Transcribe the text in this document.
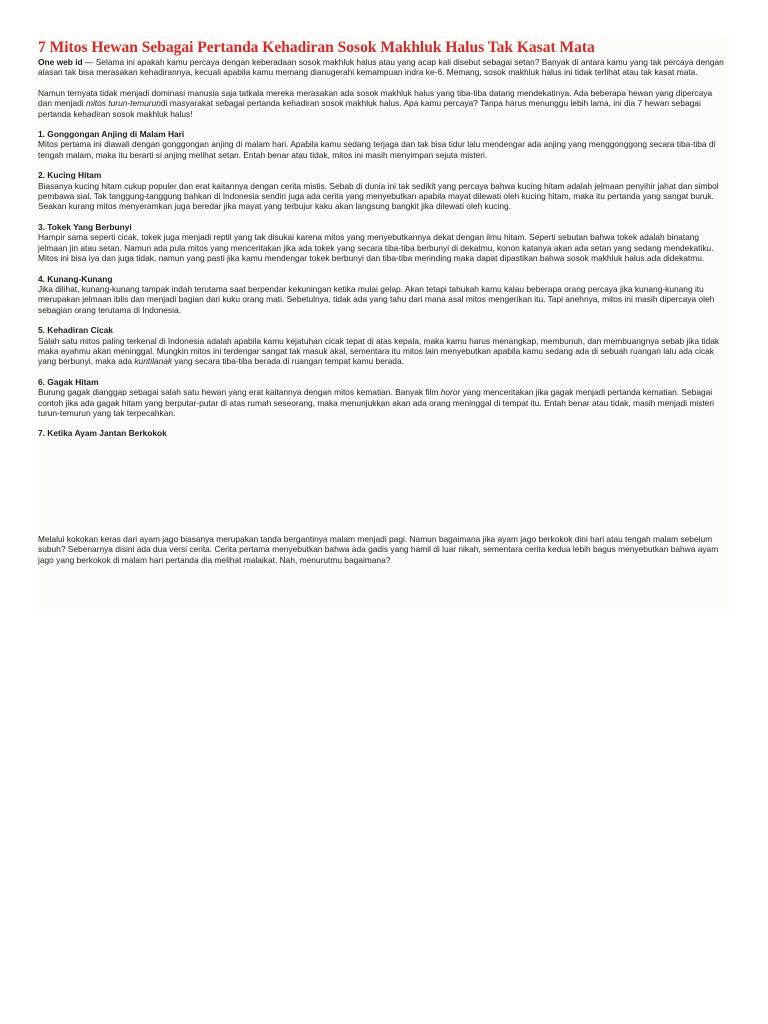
7 Mitos Hewan Sebagai Pertanda Kehadiran Sosok Makhluk Halus Tak Kasat Mata

One web id — Selama ini apakah kamu percaya dengan keberadaan sosok makhluk halus atau yang acap kali disebut sebagai setan? Banyak di antara kamu yang tak percaya dengan alasan tak bisa merasakan kehadirannya, kecuali apabila kamu memang dianugerahi kemampuan indra ke-6. Memang, sosok makhluk halus ini tidak terlihat atau tak kasat mata.

Namun ternyata tidak menjadi dominasi manusia saja tatkala mereka merasakan ada sosok makhluk halus yang tiba-tiba datang mendekatinya. Ada beberapa hewan yang dipercaya dan menjadi mitos turun-temurundi masyarakat sebagai pertanda kehadiran sosok makhluk halus. Apa kamu percaya? Tanpa harus menunggu lebih lama, ini dia 7 hewan sebagai pertanda kehadiran sosok makhluk halus!

1. Gonggongan Anjing di Malam Hari

Mitos pertama ini diawali dengan gonggongan anjing di malam hari. Apabila kamu sedang terjaga dan tak bisa tidur lalu mendengar ada anjing yang menggonggong secara tiba-tiba di tengah malam, maka itu berarti si anjing melihat setan. Entah benar atau tidak, mitos ini masih menyimpan sejuta misteri.

2. Kucing Hitam

Biasanya kucing hitam cukup populer dan erat kaitannya dengan cerita mistis. Sebab di dunia ini tak sedikit yang percaya bahwa kucing hitam adalah jelmaan penyihir jahat dan simbol pembawa sial. Tak tanggung-tanggung bahkan di Indonesia sendiri juga ada cerita yang menyebutkan apabila mayat dilewati oleh kucing hitam, maka itu pertanda yang sangat buruk. Seakan kurang mitos menyeramkan juga beredar jika mayat yang terbujur kaku akan langsung bangkit jika dilewati oleh kucing.

3. Tokek Yang Berbunyi

Hampir sama seperti cicak, tokek juga menjadi reptil yang tak disukai karena mitos yang menyebutkannya dekat dengan ilmu hitam. Seperti sebutan bahwa tokek adalah binatang jelmaan jin atau setan. Namun ada pula mitos yang menceritakan jika ada tokek yang secara tiba-tiba berbunyi di dekatmu, konon katanya akan ada setan yang sedang mendekatiku. Mitos ini bisa iya dan juga tidak, namun yang pasti jika kamu mendengar tokek berbunyi dan tiba-tiba merinding maka dapat dipastikan bahwa sosok makhluk halus ada didekatmu.

4. Kunang-Kunang

Jika dilihat, kunang-kunang tampak indah terutama saat berpendar kekuningan ketika mulai gelap. Akan tetapi tahukah kamu kalau beberapa orang percaya jika kunang-kunang itu merupakan jelmaan iblis dan menjadi bagian dari kuku orang mati. Sebetulnya, tidak ada yang tahu dari mana asal mitos mengerikan itu. Tapi anehnya, mitos ini masih dipercaya oleh sebagian orang terutama di Indonesia.

5. Kehadiran Cicak

Salah satu mitos paling terkenal di Indonesia adalah apabila kamu kejatuhan cicak tepat di atas kepala, maka kamu harus menangkap, membunuh, dan membuangnya sebab jika tidak maka ayahmu akan meninggal. Mungkin mitos ini terdengar sangat tak masuk akal, sementara itu mitos lain menyebutkan apabila kamu sedang ada di sebuah ruangan lalu ada cicak yang berbunyi, maka ada kuntilanak yang secara tiba-tiba berada di ruangan tempat kamu berada.

6. Gagak Hitam

Burung gagak dianggap sebagai salah satu hewan yang erat kaitannya dengan mitos kematian. Banyak film horor yang menceritakan jika gagak menjadi pertanda kematian. Sebagai contoh jika ada gagak hitam yang berputar-putar di atas rumah seseorang, maka menunjukkan akan ada orang meninggal di tempat itu. Entah benar atau tidak, masih menjadi misteri turun-temurun yang tak terpecahkan.

7. Ketika Ayam Jantan Berkokok

Melalui kokokan keras dari ayam jago biasanya merupakan tanda bergantinya malam menjadi pagi. Namun bagaimana jika ayam jago berkokok dini hari atau tengah malam sebelum subuh? Sebenarnya disini ada dua versi cerita. Cerita pertama menyebutkan bahwa ada gadis yang hamil di luar nikah, sementara cerita kedua lebih bagus menyebutkan bahwa ayam jago yang berkokok di malam hari pertanda dia melihat malaikat. Nah, menurutmu bagaimana?
